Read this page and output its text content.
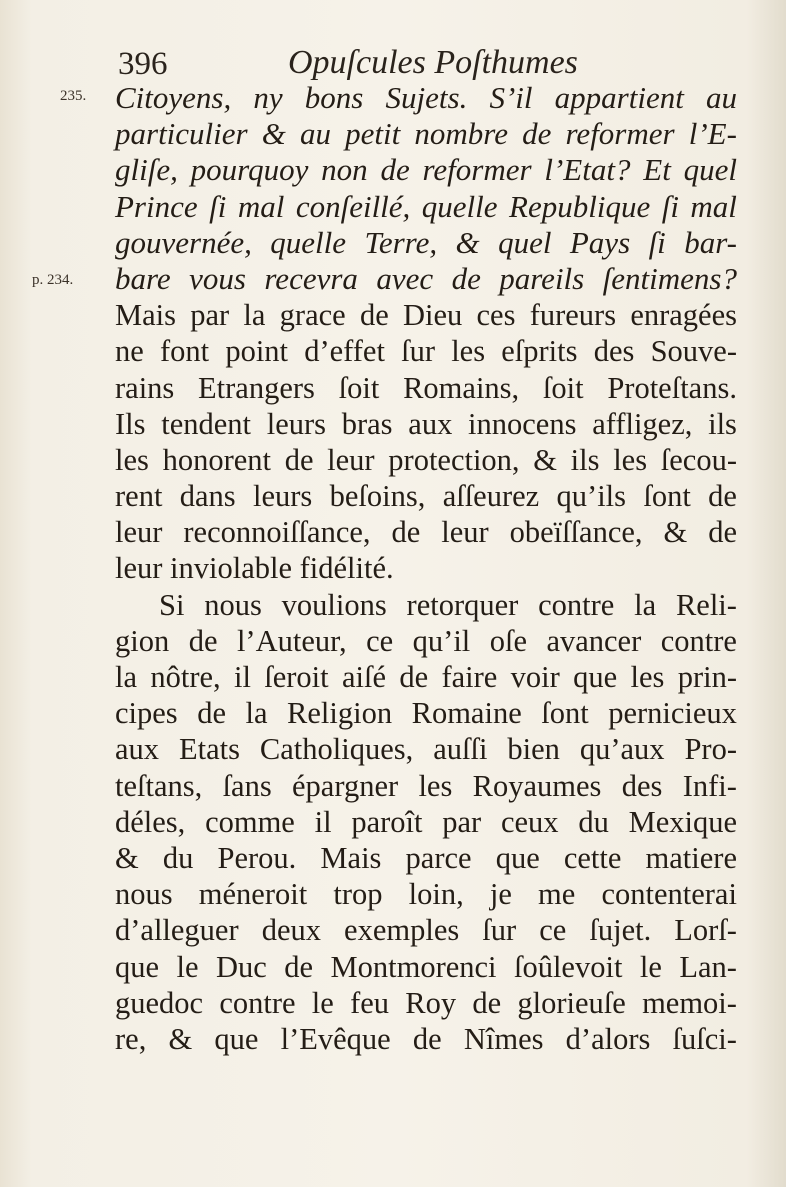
396	Opuſcules Poſthumes
235.
p. 234.
Citoyens, ny bons Sujets. S’il appartient au
particulier & au petit nombre de reformer l’E-
gliſe, pourquoy non de reformer l’Etat? Et quel
Prince ſi mal conſeillé, quelle Republique ſi mal
gouvernée, quelle Terre, & quel Pays ſi bar-
bare vous recevra avec de pareils ſentimens?
Mais par la grace de Dieu ces fureurs enragées
ne font point d’effet ſur les eſprits des Souve-
rains Etrangers ſoit Romains, ſoit Proteſtans.
Ils tendent leurs bras aux innocens affligez, ils
les honorent de leur protection, & ils les ſecou-
rent dans leurs beſoins, aſſeurez qu’ils ſont de
leur reconnoiſſance, de leur obeïſſance, & de
leur inviolable fidélité.
Si nous voulions retorquer contre la Reli-
gion de l’Auteur, ce qu’il oſe avancer contre
la nôtre, il ſeroit aiſé de faire voir que les prin-
cipes de la Religion Romaine ſont pernicieux
aux Etats Catholiques, auſſi bien qu’aux Pro-
teſtans, ſans épargner les Royaumes des Infi-
déles, comme il paroît par ceux du Mexique
& du Perou. Mais parce que cette matiere
nous méneroit trop loin, je me contenterai
d’alleguer deux exemples ſur ce ſujet. Lorſ-
que le Duc de Montmorenci ſoûlevoit le Lan-
guedoc contre le feu Roy de glorieuſe memoi-
re, & que l’Evêque de Nîmes d’alors ſuſci-
